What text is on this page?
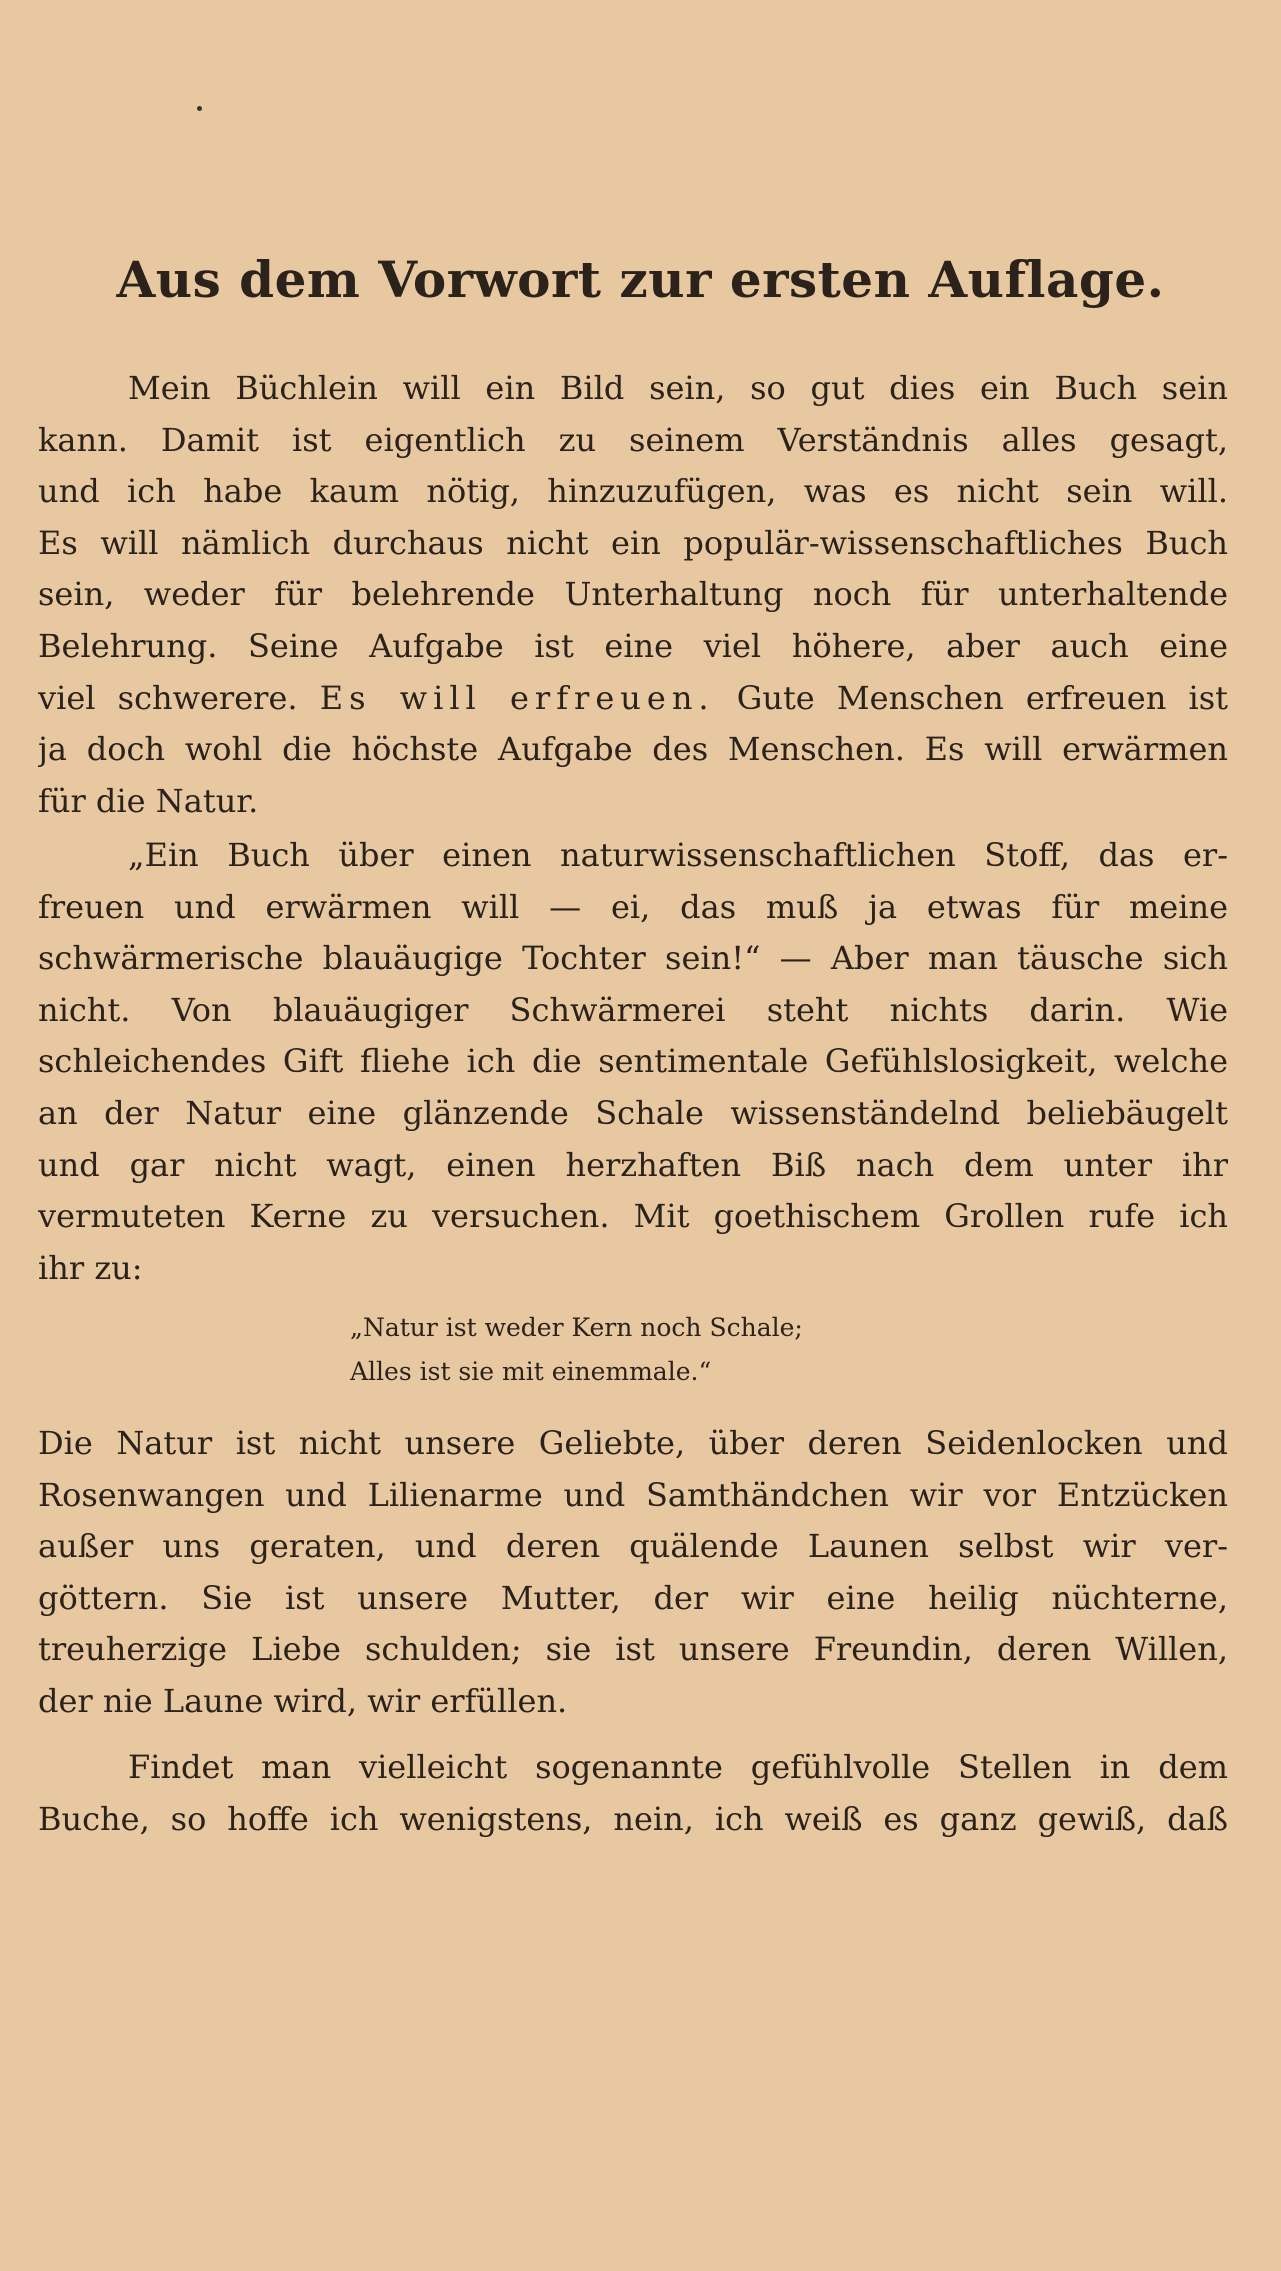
Aus dem Vorwort zur ersten Auflage.
Mein Büchlein will ein Bild sein, so gut dies ein Buch sein
kann. Damit ist eigentlich zu seinem Verständnis alles gesagt,
und ich habe kaum nötig, hinzuzufügen, was es nicht sein will.
Es will nämlich durchaus nicht ein populär-wissenschaftliches Buch
sein, weder für belehrende Unterhaltung noch für unterhaltende
Belehrung. Seine Aufgabe ist eine viel höhere, aber auch eine
viel schwerere. Es will erfreuen. Gute Menschen erfreuen ist
ja doch wohl die höchste Aufgabe des Menschen. Es will erwärmen
für die Natur.
„Ein Buch über einen naturwissenschaftlichen Stoff, das er-
freuen und erwärmen will — ei, das muß ja etwas für meine
schwärmerische blauäugige Tochter sein!“ — Aber man täusche sich
nicht. Von blauäugiger Schwärmerei steht nichts darin. Wie
schleichendes Gift fliehe ich die sentimentale Gefühlslosigkeit, welche
an der Natur eine glänzende Schale wissenständelnd beliebäugelt
und gar nicht wagt, einen herzhaften Biß nach dem unter ihr
vermuteten Kerne zu versuchen. Mit goethischem Grollen rufe ich
ihr zu:
„Natur ist weder Kern noch Schale;
Alles ist sie mit einemmale.“
Die Natur ist nicht unsere Geliebte, über deren Seidenlocken und
Rosenwangen und Lilienarme und Samthändchen wir vor Entzücken
außer uns geraten, und deren quälende Launen selbst wir ver-
göttern. Sie ist unsere Mutter, der wir eine heilig nüchterne,
treuherzige Liebe schulden; sie ist unsere Freundin, deren Willen,
der nie Laune wird, wir erfüllen.
Findet man vielleicht sogenannte gefühlvolle Stellen in dem
Buche, so hoffe ich wenigstens, nein, ich weiß es ganz gewiß, daß
